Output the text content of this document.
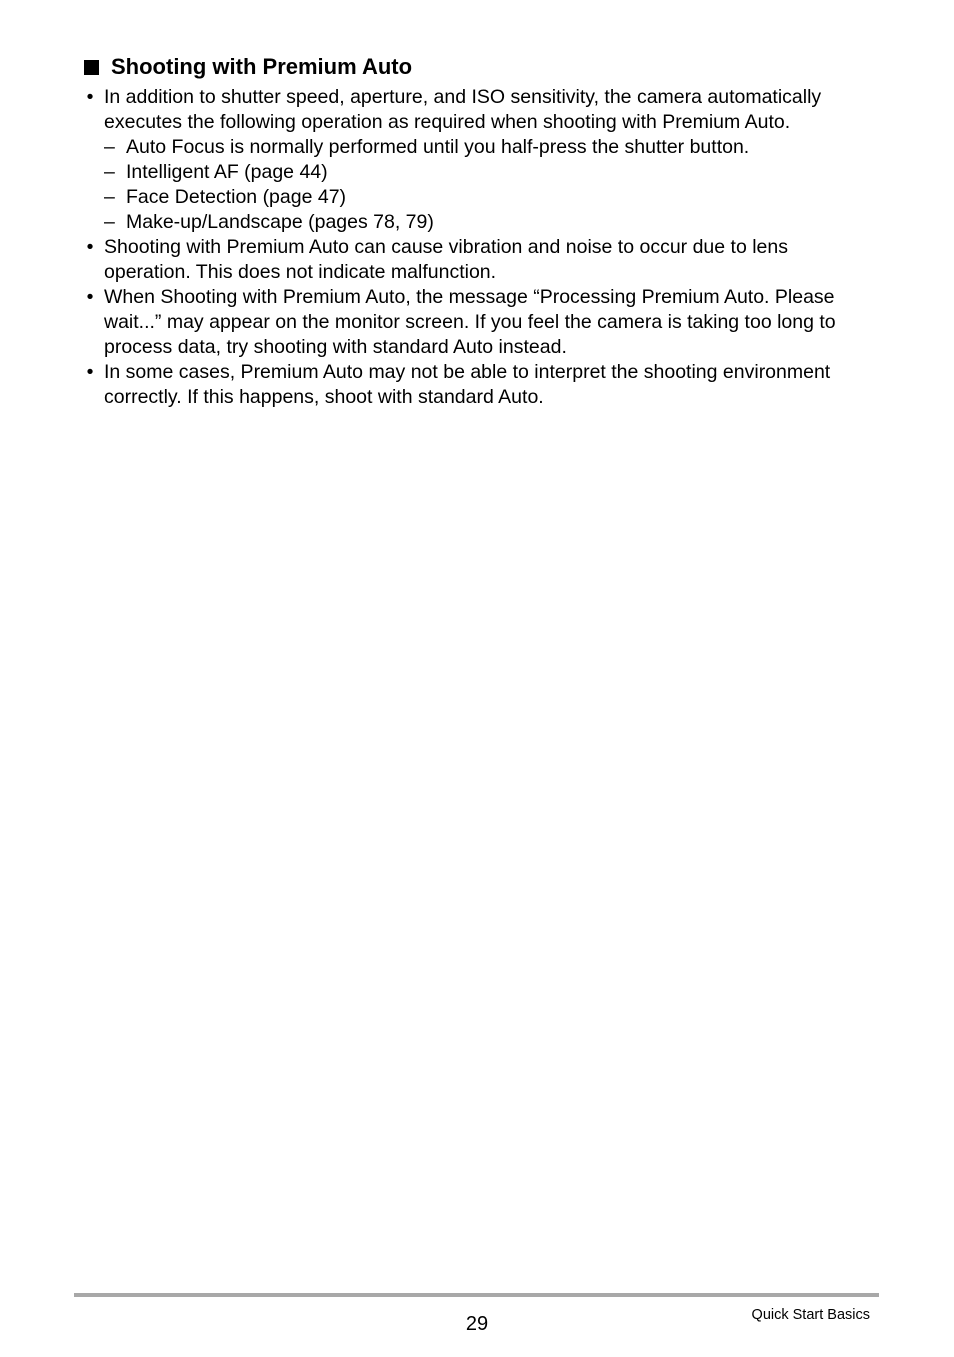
Shooting with Premium Auto
• In addition to shutter speed, aperture, and ISO sensitivity, the camera automatically executes the following operation as required when shooting with Premium Auto.
– Auto Focus is normally performed until you half-press the shutter button.
– Intelligent AF (page 44)
– Face Detection (page 47)
– Make-up/Landscape (pages 78, 79)
• Shooting with Premium Auto can cause vibration and noise to occur due to lens operation. This does not indicate malfunction.
• When Shooting with Premium Auto, the message “Processing Premium Auto. Please wait...” may appear on the monitor screen. If you feel the camera is taking too long to process data, try shooting with standard Auto instead.
• In some cases, Premium Auto may not be able to interpret the shooting environment correctly. If this happens, shoot with standard Auto.
29	Quick Start Basics
